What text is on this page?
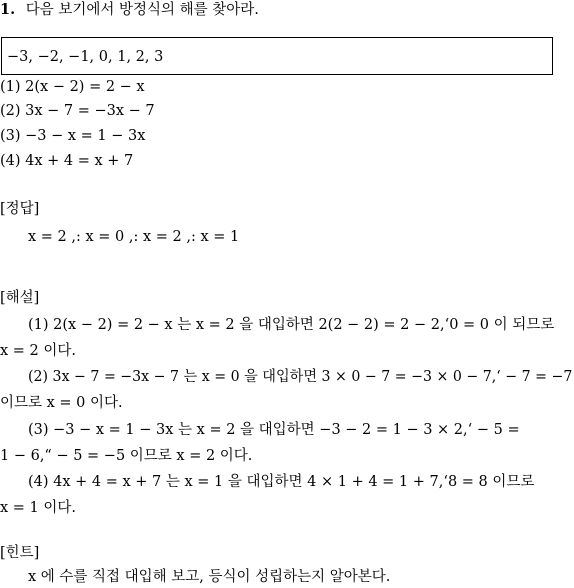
1. 다음 보기에서 방정식의 해를 찾아라.
−3, −2, −1, 0, 1, 2, 3
(1) 2(x − 2) = 2 − x
(2) 3x − 7 = −3x − 7
(3) −3 − x = 1 − 3x
(4) 4x + 4 = x + 7
[정답]
x = 2 ,: x = 0 ,: x = 2 ,: x = 1
[해설]
(1) 2(x − 2) = 2 − x 는 x = 2 을 대입하면 2(2 − 2) = 2 − 2,‘0 = 0 이 되므로
x = 2 이다.
(2) 3x − 7 = −3x − 7 는 x = 0 을 대입하면 3 × 0 − 7 = −3 × 0 − 7,‘ − 7 = −7
이므로 x = 0 이다.
(3) −3 − x = 1 − 3x 는 x = 2 을 대입하면 −3 − 2 = 1 − 3 × 2,‘ − 5 =
1 − 6,“ − 5 = −5 이므로 x = 2 이다.
(4) 4x + 4 = x + 7 는 x = 1 을 대입하면 4 × 1 + 4 = 1 + 7,‘8 = 8 이므로
x = 1 이다.
[힌트]
x 에 수를 직접 대입해 보고, 등식이 성립하는지 알아본다.
